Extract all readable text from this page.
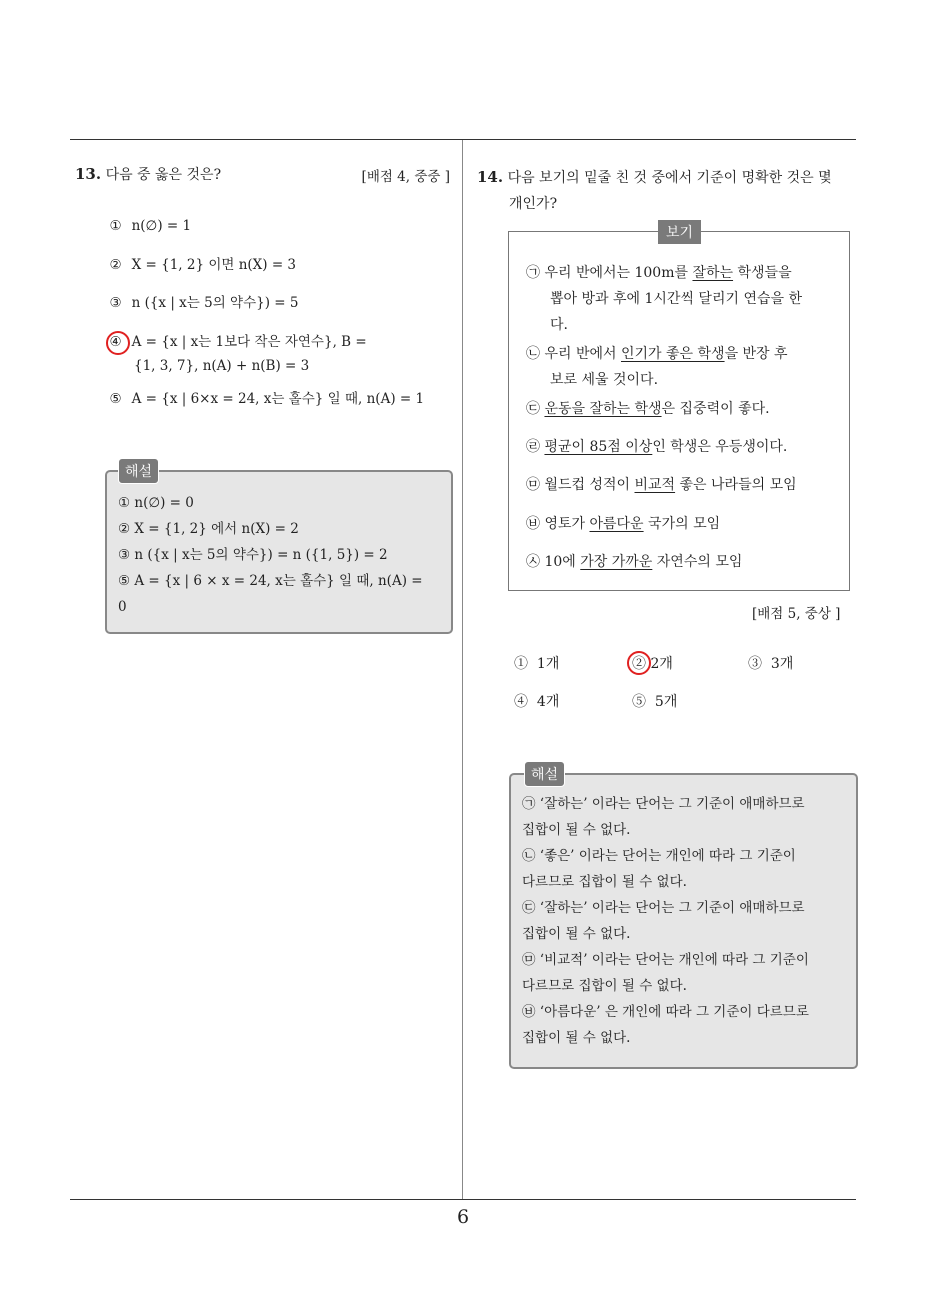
13. 다음 중 옳은 것은?	[배점 4, 중중 ]
① n(∅) = 1
② X = {1, 2} 이면 n(X) = 3
③ n ({x | x는 5의 약수}) = 5
④ A = {x | x는 1보다 작은 자연수}, B =
{1, 3, 7}, n(A) + n(B) = 3
⑤ A = {x | 6×x = 24, x는 홀수} 일 때, n(A) = 1
해설
① n(∅) = 0
② X = {1, 2} 에서 n(X) = 2
③ n ({x | x는 5의 약수}) = n ({1, 5}) = 2
⑤ A = {x | 6 × x = 24, x는 홀수} 일 때, n(A) =
0
14. 다음 보기의 밑줄 친 것 중에서 기준이 명확한 것은 몇
개인가?
보기
㉠ 우리 반에서는 100m를 잘하는 학생들을
뽑아 방과 후에 1시간씩 달리기 연습을 한
다.
㉡ 우리 반에서 인기가 좋은 학생을 반장 후
보로 세울 것이다.
㉢ 운동을 잘하는 학생은 집중력이 좋다.
㉣ 평균이 85점 이상인 학생은 우등생이다.
㉤ 월드컵 성적이 비교적 좋은 나라들의 모임
㉥ 영토가 아름다운 국가의 모임
㉦ 10에 가장 가까운 자연수의 모임
[배점 5, 중상 ]
① 1개	② 2개	③ 3개
④ 4개	⑤ 5개
해설
㉠ ‘잘하는’ 이라는 단어는 그 기준이 애매하므로
집합이 될 수 없다.
㉡ ‘좋은’ 이라는 단어는 개인에 따라 그 기준이
다르므로 집합이 될 수 없다.
㉢ ‘잘하는’ 이라는 단어는 그 기준이 애매하므로
집합이 될 수 없다.
㉤ ‘비교적’ 이라는 단어는 개인에 따라 그 기준이
다르므로 집합이 될 수 없다.
㉥ ‘아름다운’ 은 개인에 따라 그 기준이 다르므로
집합이 될 수 없다.
6
